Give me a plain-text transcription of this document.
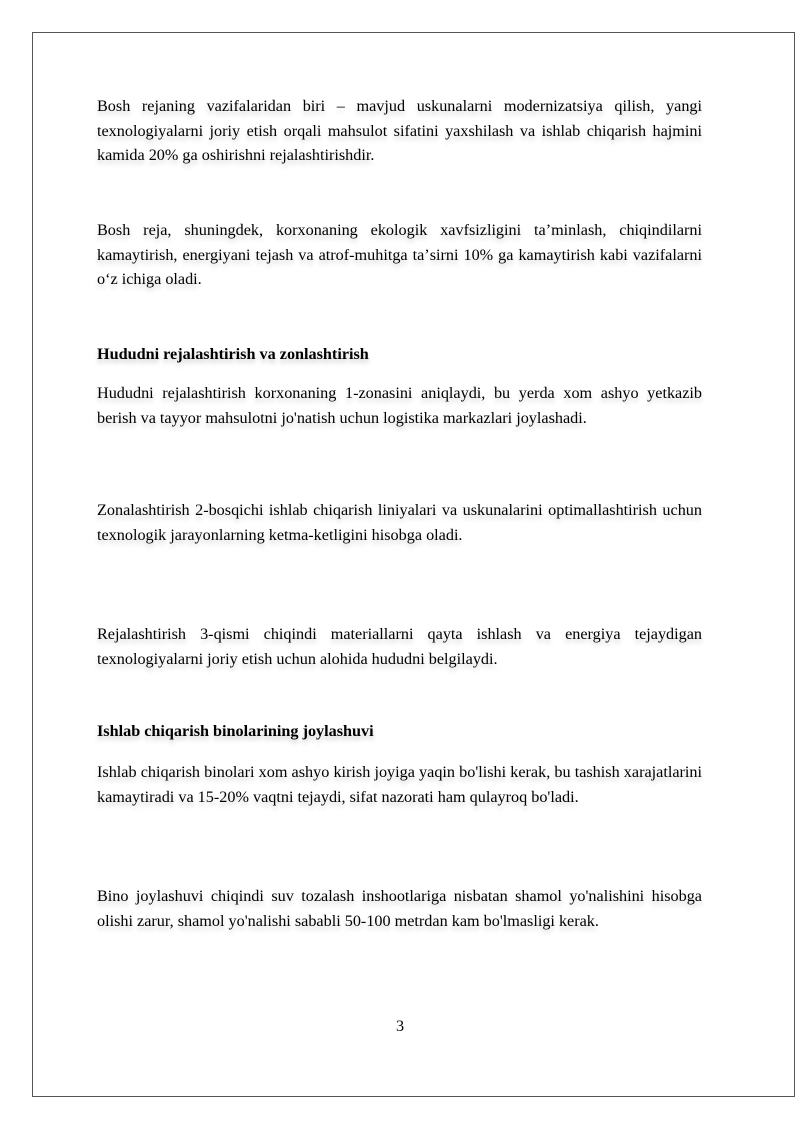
Bosh rejaning vazifalaridan biri – mavjud uskunalarni modernizatsiya qilish, yangi texnologiyalarni joriy etish orqali mahsulot sifatini yaxshilash va ishlab chiqarish hajmini kamida 20% ga oshirishni rejalashtirishdir.

Bosh reja, shuningdek, korxonaning ekologik xavfsizligini taʼminlash, chiqindilarni kamaytirish, energiyani tejash va atrof-muhitga taʼsirni 10% ga kamaytirish kabi vazifalarni oʻz ichiga oladi.

Hududni rejalashtirish va zonlashtirish

Hududni rejalashtirish korxonaning 1-zonasini aniqlaydi, bu yerda xom ashyo yetkazib berish va tayyor mahsulotni jo'natish uchun logistika markazlari joylashadi.

Zonalashtirish 2-bosqichi ishlab chiqarish liniyalari va uskunalarini optimallashtirish uchun texnologik jarayonlarning ketma-ketligini hisobga oladi.

Rejalashtirish 3-qismi chiqindi materiallarni qayta ishlash va energiya tejaydigan texnologiyalarni joriy etish uchun alohida hududni belgilaydi.

Ishlab chiqarish binolarining joylashuvi

Ishlab chiqarish binolari xom ashyo kirish joyiga yaqin bo'lishi kerak, bu tashish xarajatlarini kamaytiradi va 15-20% vaqtni tejaydi, sifat nazorati ham qulayroq bo'ladi.

Bino joylashuvi chiqindi suv tozalash inshootlariga nisbatan shamol yo'nalishini hisobga olishi zarur, shamol yo'nalishi sababli 50-100 metrdan kam bo'lmasligi kerak.

3
